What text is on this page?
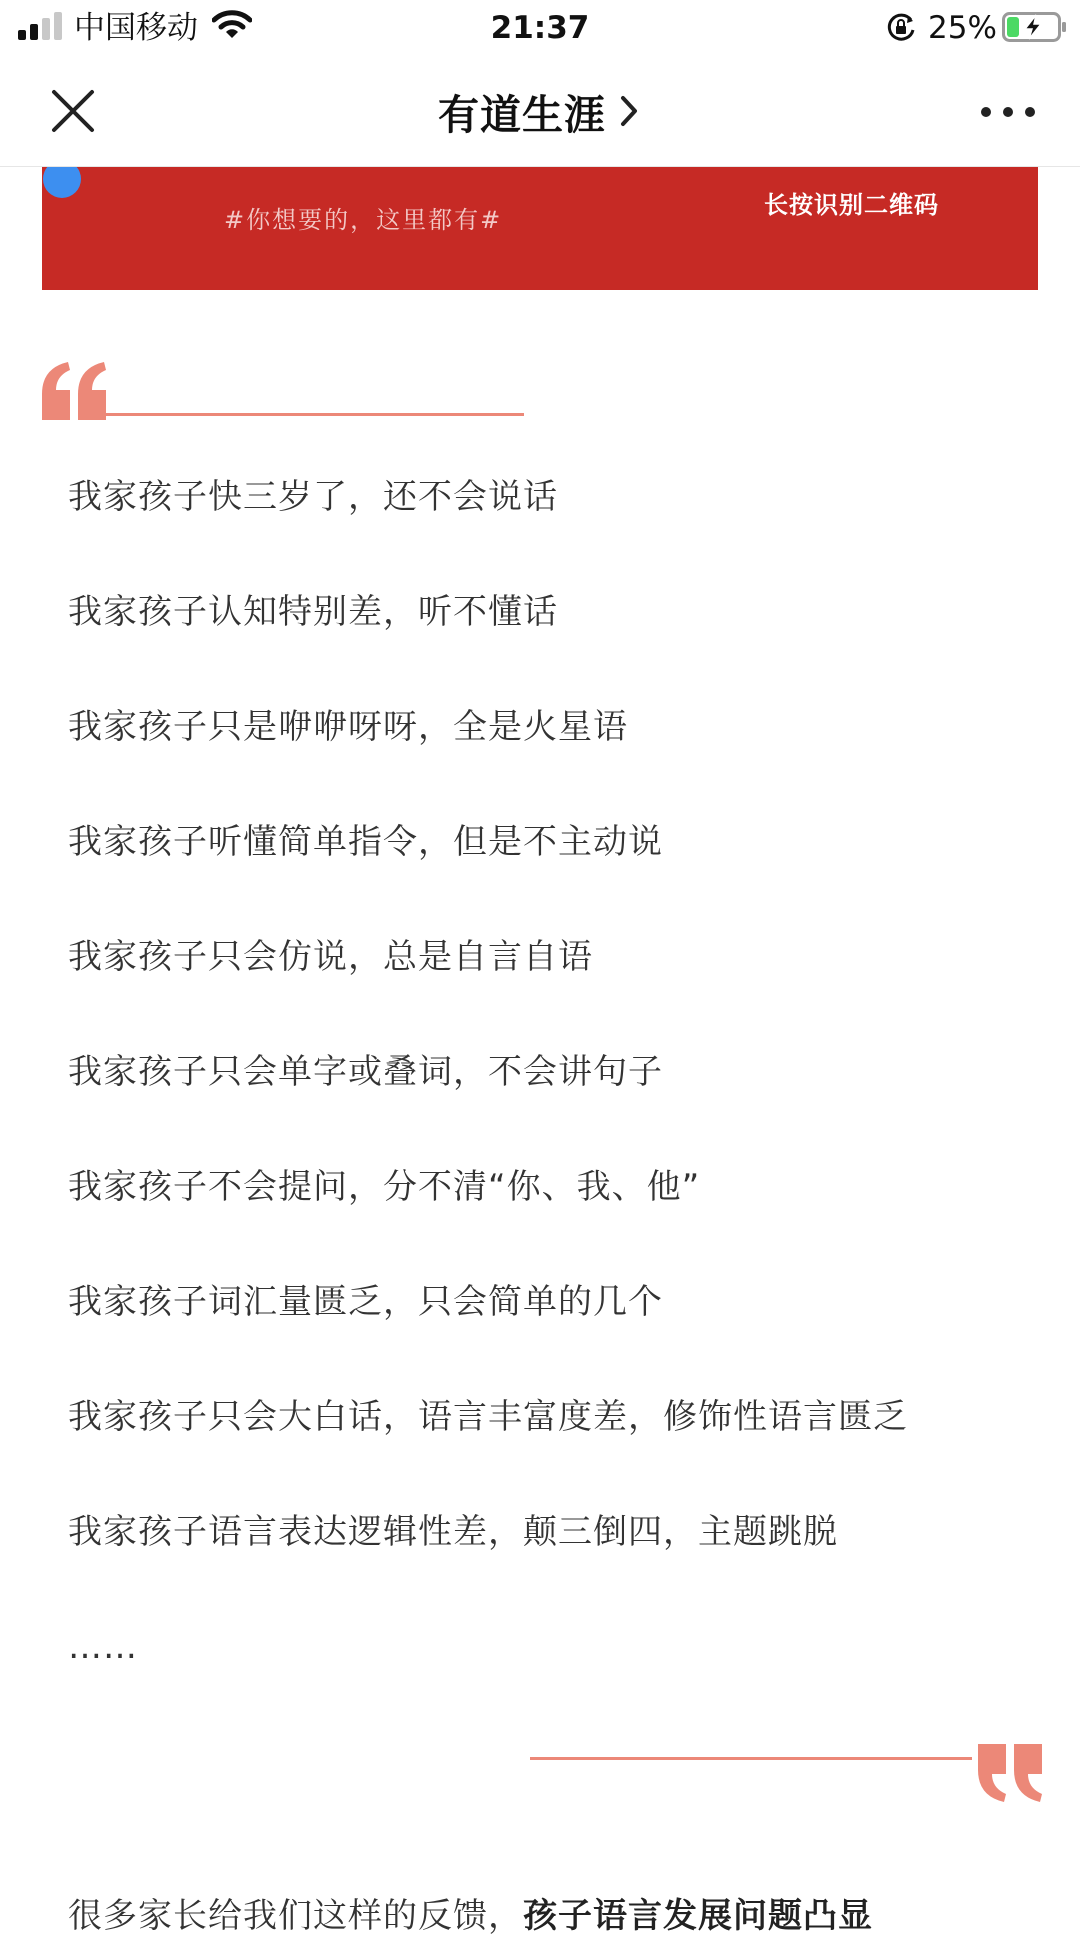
中国移动	21:37	25%
有道生涯
#你想要的，这里都有#
长按识别二维码
我家孩子快三岁了，还不会说话
我家孩子认知特别差，听不懂话
我家孩子只是咿咿呀呀，全是火星语
我家孩子听懂简单指令，但是不主动说
我家孩子只会仿说，总是自言自语
我家孩子只会单字或叠词，不会讲句子
我家孩子不会提问，分不清“你、我、他”
我家孩子词汇量匮乏，只会简单的几个
我家孩子只会大白话，语言丰富度差，修饰性语言匮乏
我家孩子语言表达逻辑性差，颠三倒四，主题跳脱
……
很多家长给我们这样的反馈，孩子语言发展问题凸显
